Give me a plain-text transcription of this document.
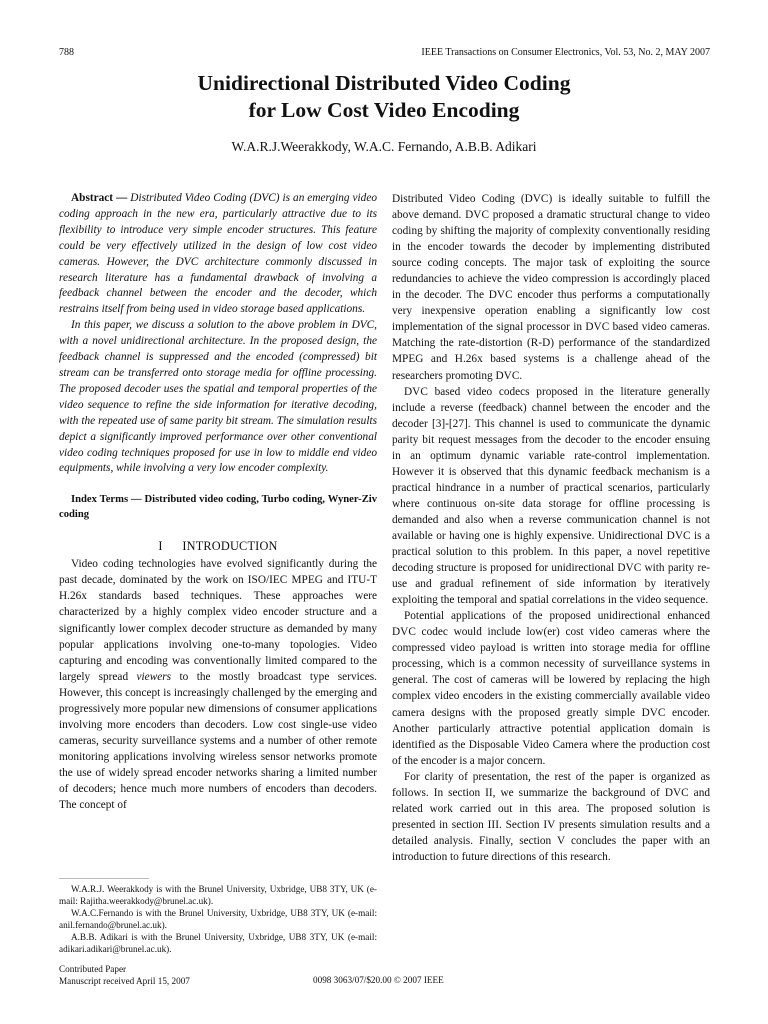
788	IEEE Transactions on Consumer Electronics, Vol. 53, No. 2, MAY 2007
Unidirectional Distributed Video Coding
for Low Cost Video Encoding
W.A.R.J.Weerakkody, W.A.C. Fernando, A.B.B. Adikari

Abstract — Distributed Video Coding (DVC) is an emerging video coding approach in the new era, particularly attractive due to its flexibility to introduce very simple encoder structures. This feature could be very effectively utilized in the design of low cost video cameras. However, the DVC architecture commonly discussed in research literature has a fundamental drawback of involving a feedback channel between the encoder and the decoder, which restrains itself from being used in video storage based applications.

In this paper, we discuss a solution to the above problem in DVC, with a novel unidirectional architecture. In the proposed design, the feedback channel is suppressed and the encoded (compressed) bit stream can be transferred onto storage media for offline processing. The proposed decoder uses the spatial and temporal properties of the video sequence to refine the side information for iterative decoding, with the repeated use of same parity bit stream. The simulation results depict a significantly improved performance over other conventional video coding techniques proposed for use in low to middle end video equipments, while involving a very low encoder complexity.

Index Terms — Distributed video coding, Turbo coding, Wyner-Ziv coding

I      INTRODUCTION

Video coding technologies have evolved significantly during the past decade, dominated by the work on ISO/IEC MPEG and ITU-T H.26x standards based techniques. These approaches were characterized by a highly complex video encoder structure and a significantly lower complex decoder structure as demanded by many popular applications involving one-to-many topologies. Video capturing and encoding was conventionally limited compared to the largely spread viewers to the mostly broadcast type services. However, this concept is increasingly challenged by the emerging and progressively more popular new dimensions of consumer applications involving more encoders than decoders. Low cost single-use video cameras, security surveillance systems and a number of other remote monitoring applications involving wireless sensor networks promote the use of widely spread encoder networks sharing a limited number of decoders; hence much more numbers of encoders than decoders. The concept of

Distributed Video Coding (DVC) is ideally suitable to fulfill the above demand. DVC proposed a dramatic structural change to video coding by shifting the majority of complexity conventionally residing in the encoder towards the decoder by implementing distributed source coding concepts. The major task of exploiting the source redundancies to achieve the video compression is accordingly placed in the decoder. The DVC encoder thus performs a computationally very inexpensive operation enabling a significantly low cost implementation of the signal processor in DVC based video cameras. Matching the rate-distortion (R-D) performance of the standardized MPEG and H.26x based systems is a challenge ahead of the researchers promoting DVC.

DVC based video codecs proposed in the literature generally include a reverse (feedback) channel between the encoder and the decoder [3]-[27]. This channel is used to communicate the dynamic parity bit request messages from the decoder to the encoder ensuing in an optimum dynamic variable rate-control implementation. However it is observed that this dynamic feedback mechanism is a practical hindrance in a number of practical scenarios, particularly where continuous on-site data storage for offline processing is demanded and also when a reverse communication channel is not available or having one is highly expensive. Unidirectional DVC is a practical solution to this problem. In this paper, a novel repetitive decoding structure is proposed for unidirectional DVC with parity re-use and gradual refinement of side information by iteratively exploiting the temporal and spatial correlations in the video sequence.

Potential applications of the proposed unidirectional enhanced DVC codec would include low(er) cost video cameras where the compressed video payload is written into storage media for offline processing, which is a common necessity of surveillance systems in general. The cost of cameras will be lowered by replacing the high complex video encoders in the existing commercially available video camera designs with the proposed greatly simple DVC encoder. Another particularly attractive potential application domain is identified as the Disposable Video Camera where the production cost of the encoder is a major concern.

For clarity of presentation, the rest of the paper is organized as follows. In section II, we summarize the background of DVC and related work carried out in this area. The proposed solution is presented in section III. Section IV presents simulation results and a detailed analysis. Finally, section V concludes the paper with an introduction to future directions of this research.

W.A.R.J. Weerakkody is with the Brunel University, Uxbridge, UB8 3TY, UK (e-mail: Rajitha.weerakkody@brunel.ac.uk).

W.A.C.Fernando is with the Brunel University, Uxbridge, UB8 3TY, UK (e-mail: anil.fernando@brunel.ac.uk).

A.B.B. Adikari is with the Brunel University, Uxbridge, UB8 3TY, UK (e-mail: adikari.adikari@brunel.ac.uk).

Contributed Paper
Manuscript received April 15, 2007	0098 3063/07/$20.00 © 2007 IEEE
